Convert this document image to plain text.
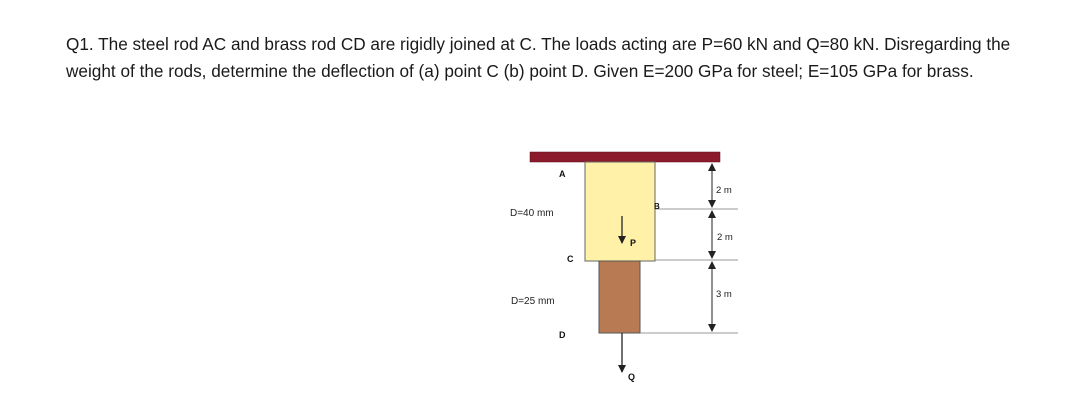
Q1. The steel rod AC and brass rod CD are rigidly joined at C. The loads acting are P=60 kN and Q=80 kN. Disregarding the weight of the rods, determine the deflection of (a) point C (b) point D. Given E=200 GPa for steel; E=105 GPa for brass.

A
B
C
D
P
Q
D=40 mm
D=25 mm
2 m
2 m
3 m
